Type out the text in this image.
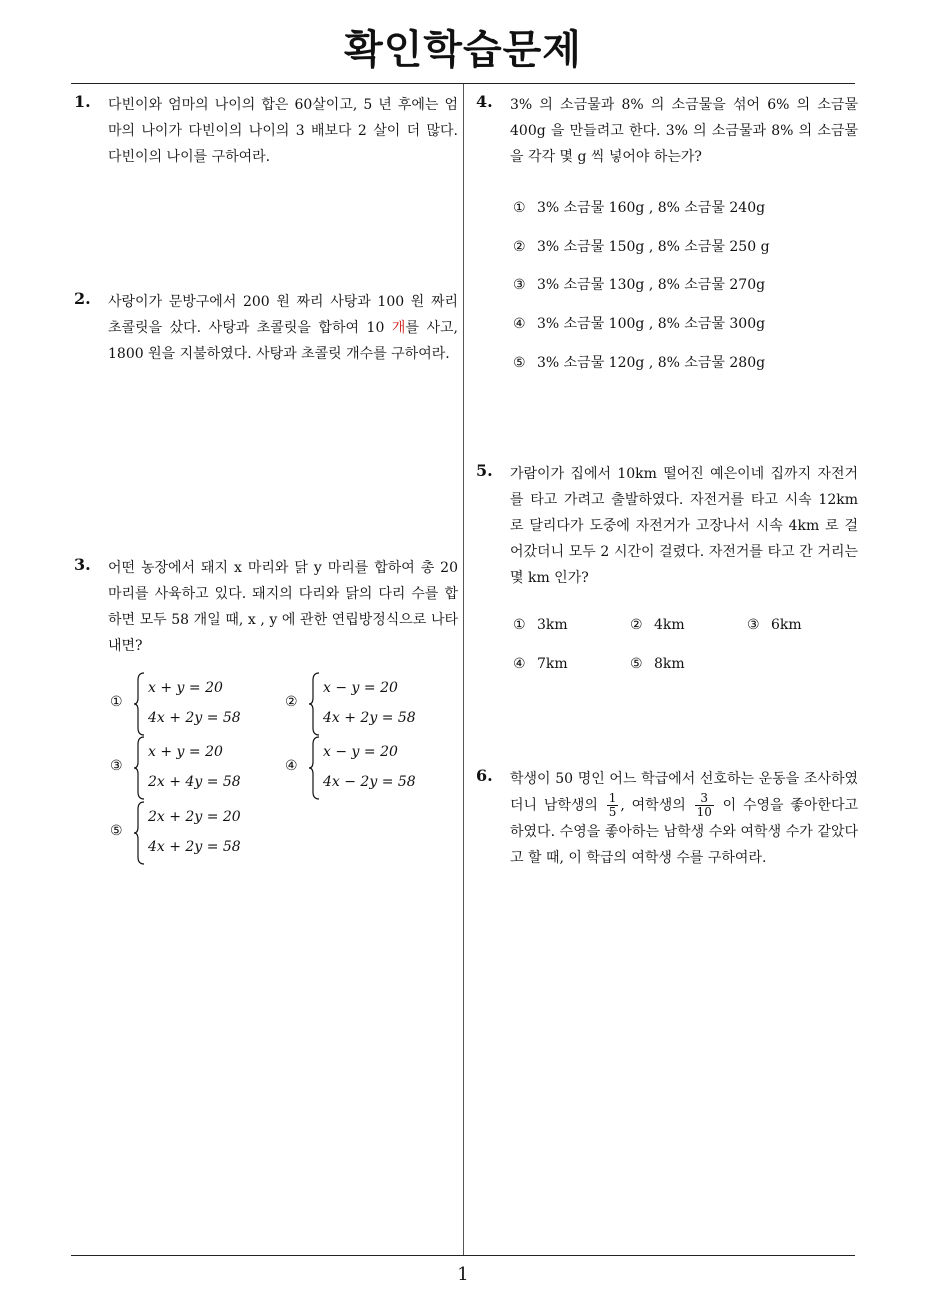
확인학습문제
1. 다빈이와 엄마의 나이의 합은 60살이고, 5 년 후에는 엄마의 나이가 다빈이의 나이의 3 배보다 2 살이 더 많다. 다빈이의 나이를 구하여라.
2. 사랑이가 문방구에서 200 원 짜리 사탕과 100 원 짜리 초콜릿을 샀다. 사탕과 초콜릿을 합하여 10 개를 사고, 1800 원을 지불하였다. 사탕과 초콜릿 개수를 구하여라.
3. 어떤 농장에서 돼지 x 마리와 닭 y 마리를 합하여 총 20 마리를 사육하고 있다. 돼지의 다리와 닭의 다리 수를 합하면 모두 58 개일 때, x , y 에 관한 연립방정식으로 나타내면?
①
x + y = 20
4x + 2y = 58
②
x − y = 20
4x + 2y = 58
③
x + y = 20
2x + 4y = 58
④
x − y = 20
4x − 2y = 58
⑤
2x + 2y = 20
4x + 2y = 58
4. 3% 의 소금물과 8% 의 소금물을 섞어 6% 의 소금물 400g 을 만들려고 한다. 3% 의 소금물과 8% 의 소금물을 각각 몇 g 씩 넣어야 하는가?
① 3% 소금물 160g , 8% 소금물 240g
② 3% 소금물 150g , 8% 소금물 250 g
③ 3% 소금물 130g , 8% 소금물 270g
④ 3% 소금물 100g , 8% 소금물 300g
⑤ 3% 소금물 120g , 8% 소금물 280g
5. 가람이가 집에서 10km 떨어진 예은이네 집까지 자전거를 타고 가려고 출발하였다. 자전거를 타고 시속 12km 로 달리다가 도중에 자전거가 고장나서 시속 4km 로 걸어갔더니 모두 2 시간이 걸렸다. 자전거를 타고 간 거리는 몇 km 인가?
① 3km	② 4km	③ 6km
④ 7km	⑤ 8km
6. 학생이 50 명인 어느 학급에서 선호하는 운동을 조사하였더니 남학생의 $\frac{1}{5}$ , 여학생의 $\frac{3}{10}$ 이 수영을 좋아한다고 하였다. 수영을 좋아하는 남학생 수와 여학생 수가 같았다고 할 때, 이 학급의 여학생 수를 구하여라.
1
